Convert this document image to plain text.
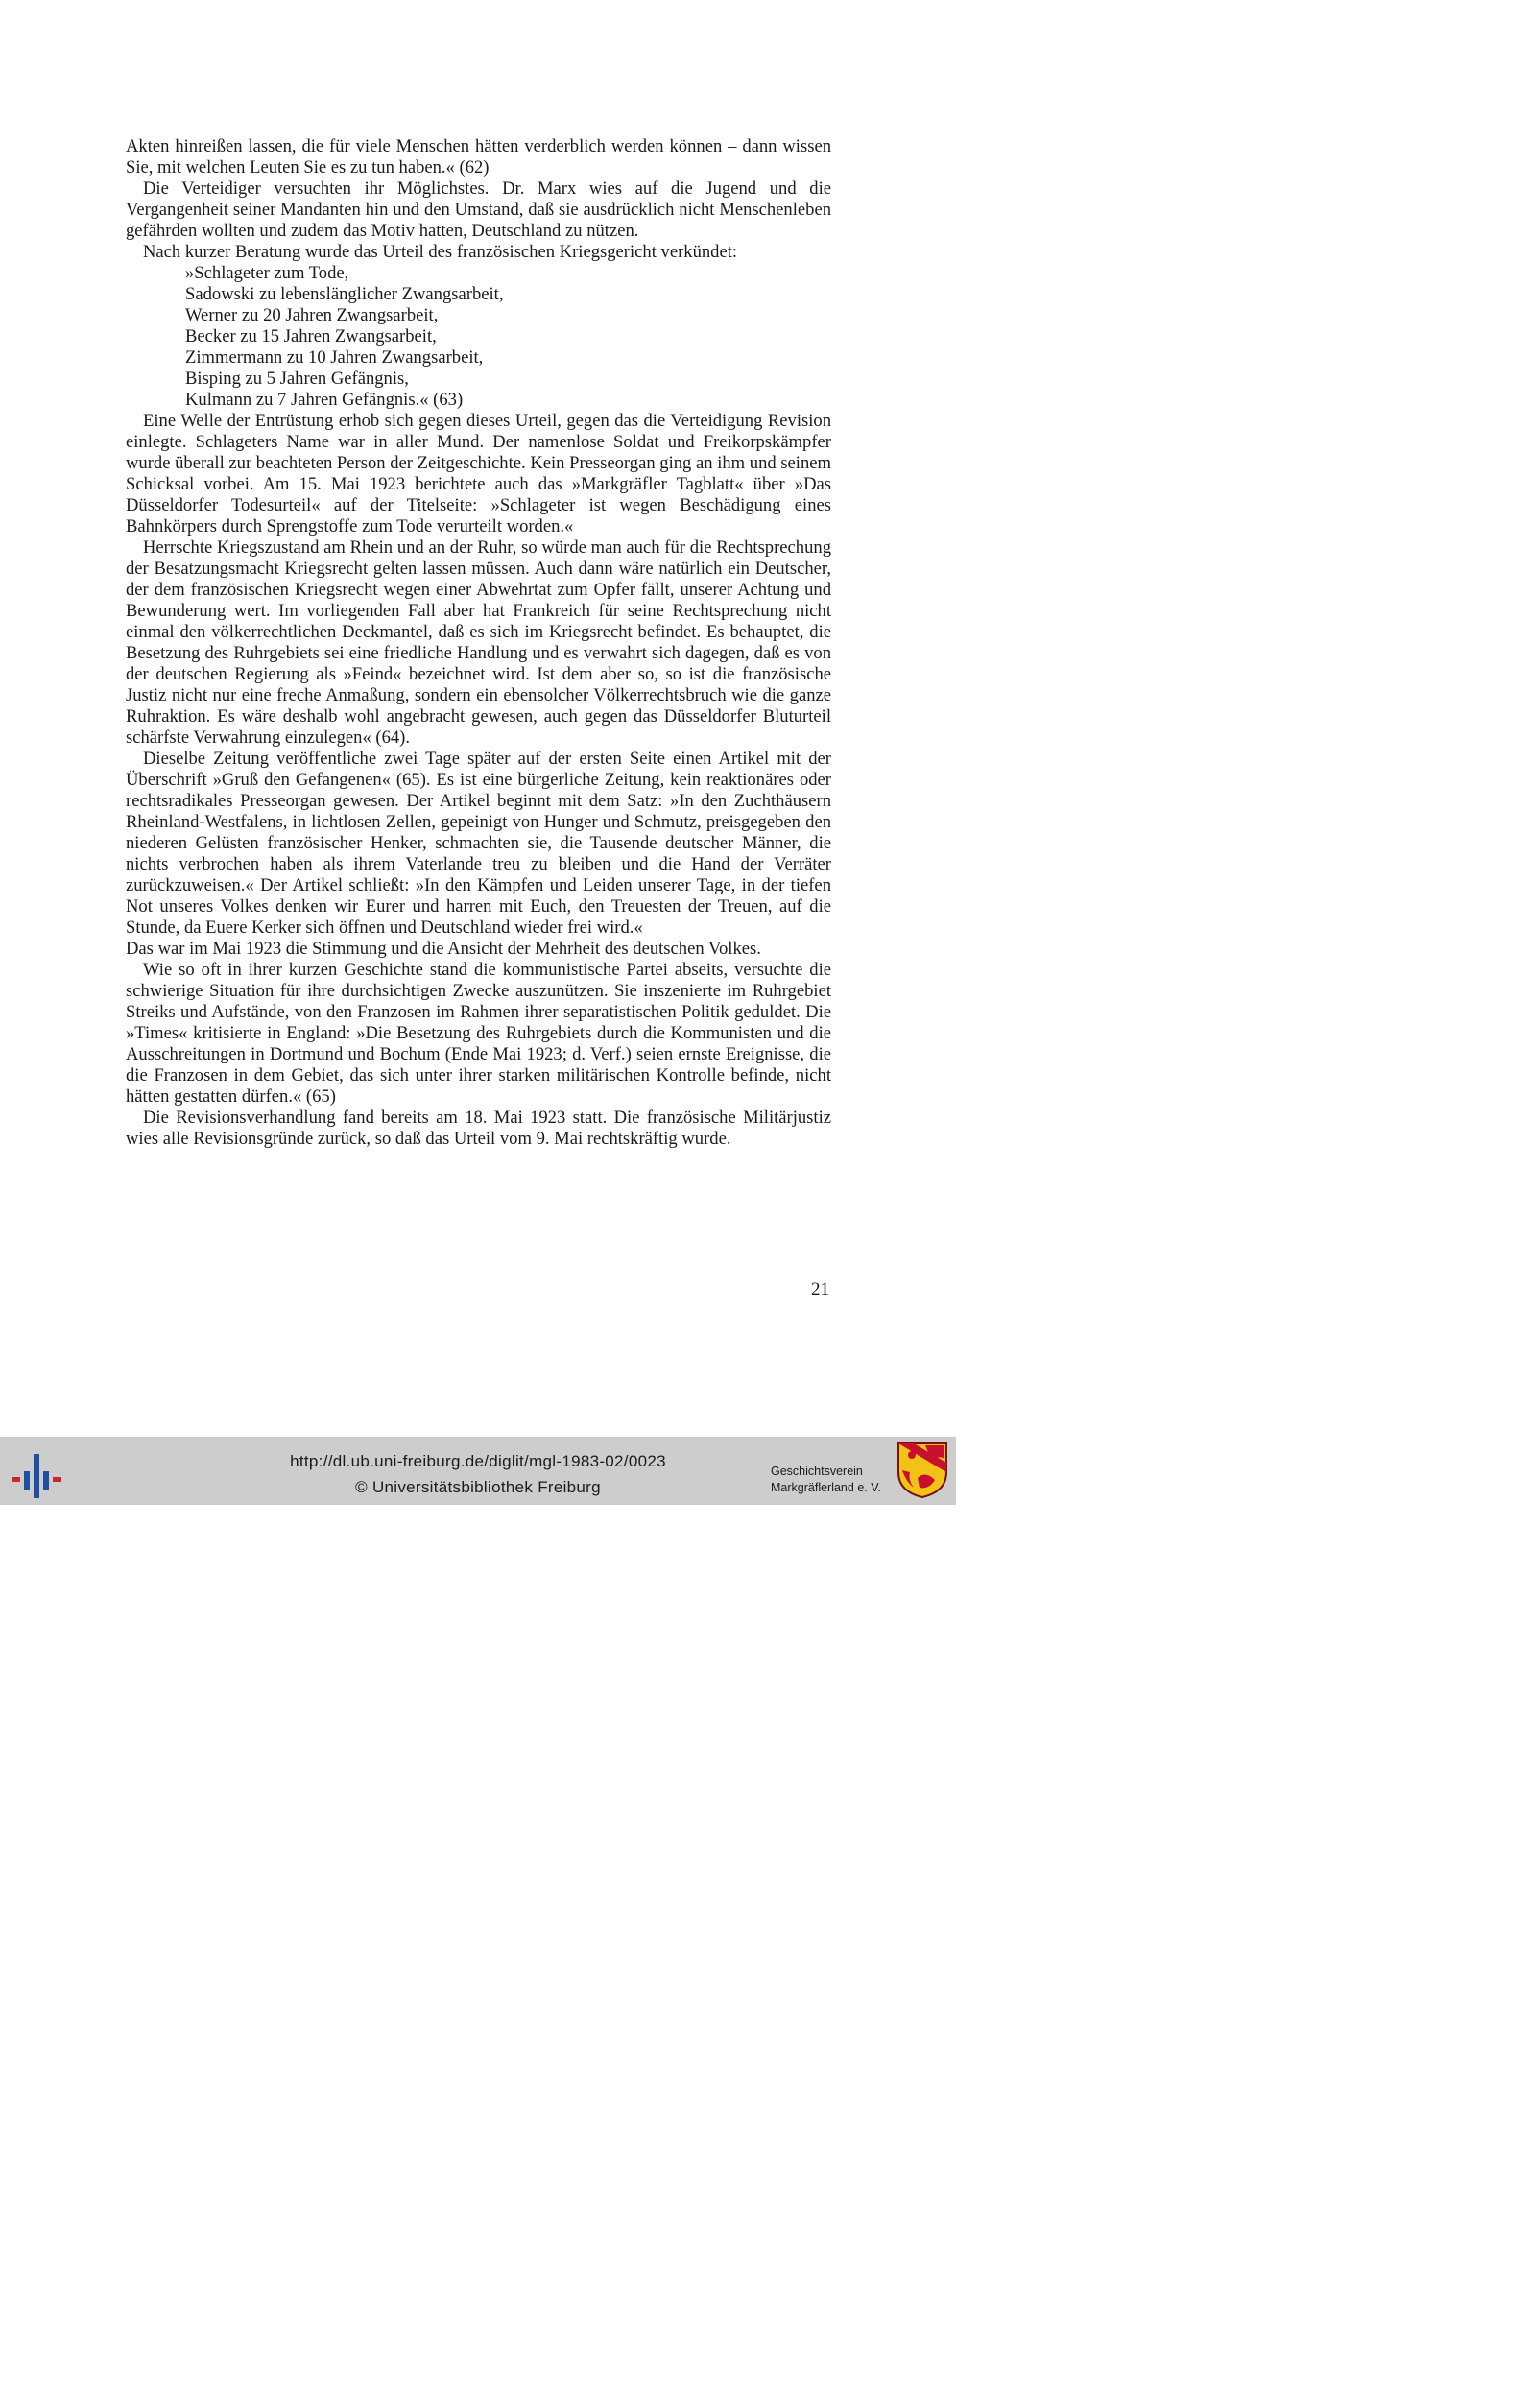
Akten hinreißen lassen, die für viele Menschen hätten verderblich werden können – dann wissen Sie, mit welchen Leuten Sie es zu tun haben.« (62)

Die Verteidiger versuchten ihr Möglichstes. Dr. Marx wies auf die Jugend und die Vergangenheit seiner Mandanten hin und den Umstand, daß sie ausdrücklich nicht Menschenleben gefährden wollten und zudem das Motiv hatten, Deutschland zu nützen.

Nach kurzer Beratung wurde das Urteil des französischen Kriegsgericht verkündet:

»Schlageter zum Tode,
Sadowski zu lebenslänglicher Zwangsarbeit,
Werner zu 20 Jahren Zwangsarbeit,
Becker zu 15 Jahren Zwangsarbeit,
Zimmermann zu 10 Jahren Zwangsarbeit,
Bisping zu 5 Jahren Gefängnis,
Kulmann zu 7 Jahren Gefängnis.« (63)

Eine Welle der Entrüstung erhob sich gegen dieses Urteil, gegen das die Verteidigung Revision einlegte. Schlageters Name war in aller Mund. Der namenlose Soldat und Freikorpskämpfer wurde überall zur beachteten Person der Zeitgeschichte. Kein Presseorgan ging an ihm und seinem Schicksal vorbei. Am 15. Mai 1923 berichtete auch das »Markgräfler Tagblatt« über »Das Düsseldorfer Todesurteil« auf der Titelseite: »Schlageter ist wegen Beschädigung eines Bahnkörpers durch Sprengstoffe zum Tode verurteilt worden.«

Herrschte Kriegszustand am Rhein und an der Ruhr, so würde man auch für die Rechtsprechung der Besatzungsmacht Kriegsrecht gelten lassen müssen. Auch dann wäre natürlich ein Deutscher, der dem französischen Kriegsrecht wegen einer Abwehrtat zum Opfer fällt, unserer Achtung und Bewunderung wert. Im vorliegenden Fall aber hat Frankreich für seine Rechtsprechung nicht einmal den völkerrechtlichen Deckmantel, daß es sich im Kriegsrecht befindet. Es behauptet, die Besetzung des Ruhrgebiets sei eine friedliche Handlung und es verwahrt sich dagegen, daß es von der deutschen Regierung als »Feind« bezeichnet wird. Ist dem aber so, so ist die französische Justiz nicht nur eine freche Anmaßung, sondern ein ebensolcher Völkerrechtsbruch wie die ganze Ruhraktion. Es wäre deshalb wohl angebracht gewesen, auch gegen das Düsseldorfer Bluturteil schärfste Verwahrung einzulegen« (64).

Dieselbe Zeitung veröffentliche zwei Tage später auf der ersten Seite einen Artikel mit der Überschrift »Gruß den Gefangenen« (65). Es ist eine bürgerliche Zeitung, kein reaktionäres oder rechtsradikales Presseorgan gewesen. Der Artikel beginnt mit dem Satz: »In den Zuchthäusern Rheinland-Westfalens, in lichtlosen Zellen, gepeinigt von Hunger und Schmutz, preisgegeben den niederen Gelüsten französischer Henker, schmachten sie, die Tausende deutscher Männer, die nichts verbrochen haben als ihrem Vaterlande treu zu bleiben und die Hand der Verräter zurückzuweisen.« Der Artikel schließt: »In den Kämpfen und Leiden unserer Tage, in der tiefen Not unseres Volkes denken wir Eurer und harren mit Euch, den Treuesten der Treuen, auf die Stunde, da Euere Kerker sich öffnen und Deutschland wieder frei wird.«

Das war im Mai 1923 die Stimmung und die Ansicht der Mehrheit des deutschen Volkes.

Wie so oft in ihrer kurzen Geschichte stand die kommunistische Partei abseits, versuchte die schwierige Situation für ihre durchsichtigen Zwecke auszunützen. Sie inszenierte im Ruhrgebiet Streiks und Aufstände, von den Franzosen im Rahmen ihrer separatistischen Politik geduldet. Die »Times« kritisierte in England: »Die Besetzung des Ruhrgebiets durch die Kommunisten und die Ausschreitungen in Dortmund und Bochum (Ende Mai 1923; d. Verf.) seien ernste Ereignisse, die die Franzosen in dem Gebiet, das sich unter ihrer starken militärischen Kontrolle befinde, nicht hätten gestatten dürfen.« (65)

Die Revisionsverhandlung fand bereits am 18. Mai 1923 statt. Die französische Militärjustiz wies alle Revisionsgründe zurück, so daß das Urteil vom 9. Mai rechtskräftig wurde.

21
http://dl.ub.uni-freiburg.de/diglit/mgl-1983-02/0023
© Universitätsbibliothek Freiburg
Geschichtsverein
Markgräflerland e. V.
